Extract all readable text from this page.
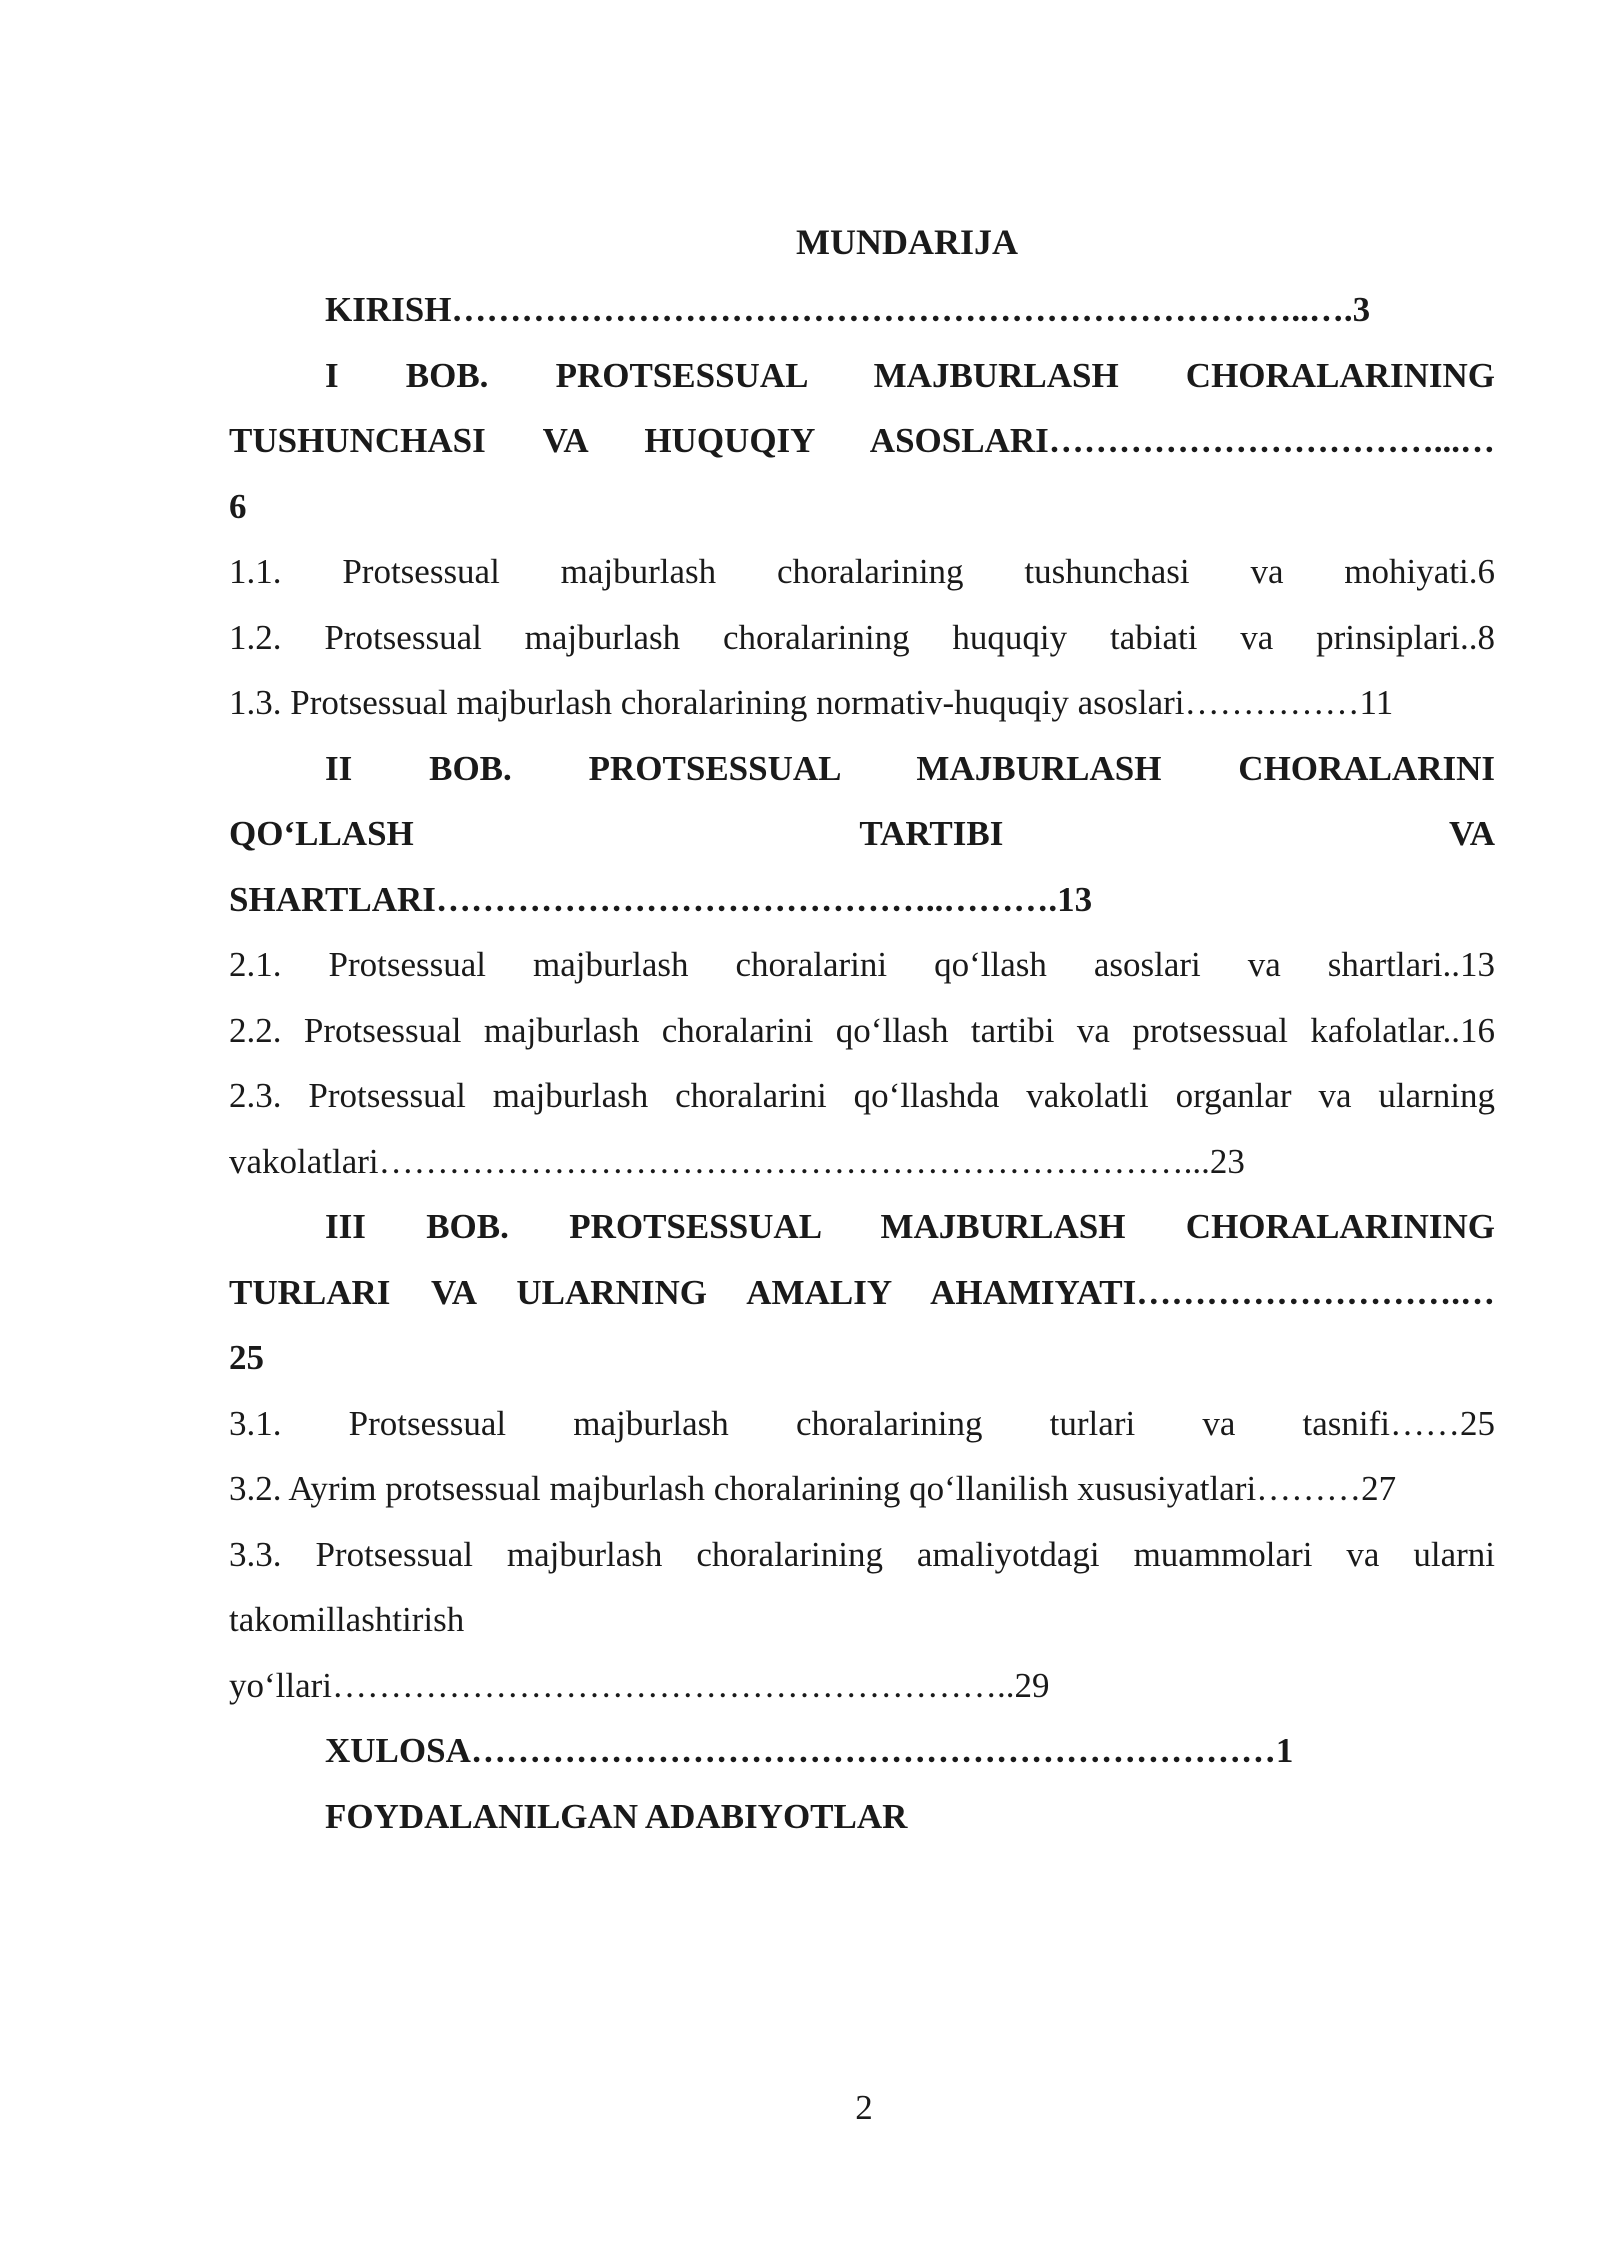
MUNDARIJA
KIRISH………………………………………………………………..….3
I BOB. PROTSESSUAL MAJBURLASH CHORALARINING
TUSHUNCHASI VA HUQUQIY ASOSLARI……………………………...…
6
1.1. Protsessual majburlash choralarining tushunchasi va mohiyati.6
1.2. Protsessual majburlash choralarining huquqiy tabiati va prinsiplari..8
1.3. Protsessual majburlash choralarining normativ-huquqiy asoslari……………11
II BOB. PROTSESSUAL MAJBURLASH CHORALARINI
QO‘LLASH TARTIBI VA
SHARTLARI……………………………………..……….13
2.1. Protsessual majburlash choralarini qo‘llash asoslari va shartlari..13
2.2. Protsessual majburlash choralarini qo‘llash tartibi va protsessual kafolatlar..16
2.3. Protsessual majburlash choralarini qo‘llashda vakolatli organlar va ularning
vakolatlari……………………………………………………………...23
III BOB. PROTSESSUAL MAJBURLASH CHORALARINING
TURLARI VA ULARNING AMALIY AHAMIYATI……………………….…
25
3.1. Protsessual majburlash choralarining turlari va tasnifi……25
3.2. Ayrim protsessual majburlash choralarining qo‘llanilish xususiyatlari………27
3.3. Protsessual majburlash choralarining amaliyotdagi muammolari va ularni
takomillashtirish
yo‘llari…………………………………………………..29
XULOSA……………………………………………………………1
FOYDALANILGAN ADABIYOTLAR
2
